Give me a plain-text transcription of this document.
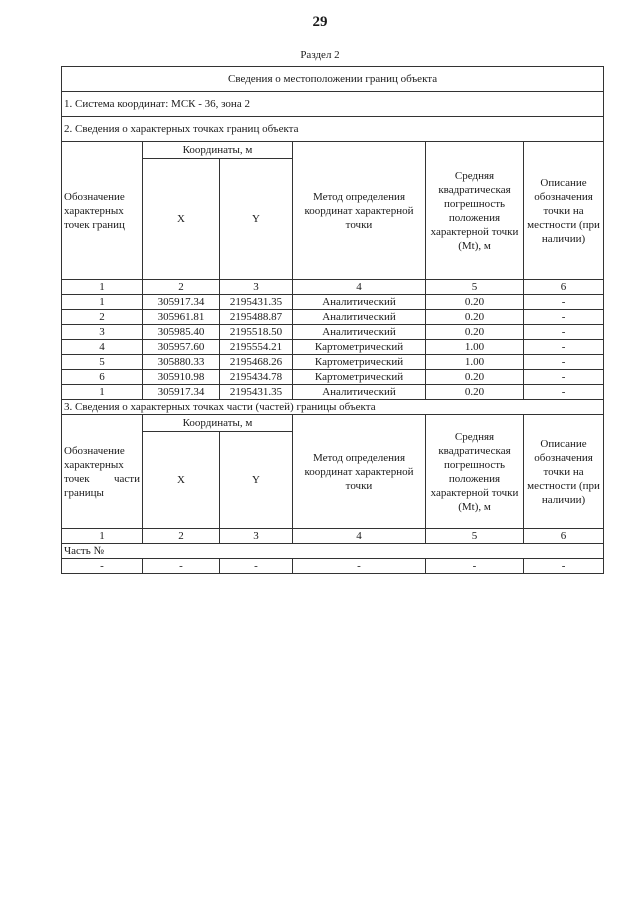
29
Раздел 2
Сведения о местоположении границ объекта					
1. Система координат: МСК - 36, зона 2					
2. Сведения о характерных точках границ объекта					
Обозначение характерных точек границ	Координаты, м		Метод определения координат характерной точки	Средняя квадратическая погрешность положения характерной точки (Mt), м	Описание обозначения точки на местности (при наличии)
	X	Y			
1	2	3	4	5	6
1	305917.34	2195431.35	Аналитический	0.20	-
2	305961.81	2195488.87	Аналитический	0.20	-
3	305985.40	2195518.50	Аналитический	0.20	-
4	305957.60	2195554.21	Картометрический	1.00	-
5	305880.33	2195468.26	Картометрический	1.00	-
6	305910.98	2195434.78	Картометрический	0.20	-
1	305917.34	2195431.35	Аналитический	0.20	-
3. Сведения о характерных точках части (частей) границы объекта					
Обозначение характерных точек части границы	Координаты, м		Метод определения координат характерной точки	Средняя квадратическая погрешность положения характерной точки (Mt), м	Описание обозначения точки на местности (при наличии)
	X	Y			
1	2	3	4	5	6
Часть №					
-	-	-	-	-	-
